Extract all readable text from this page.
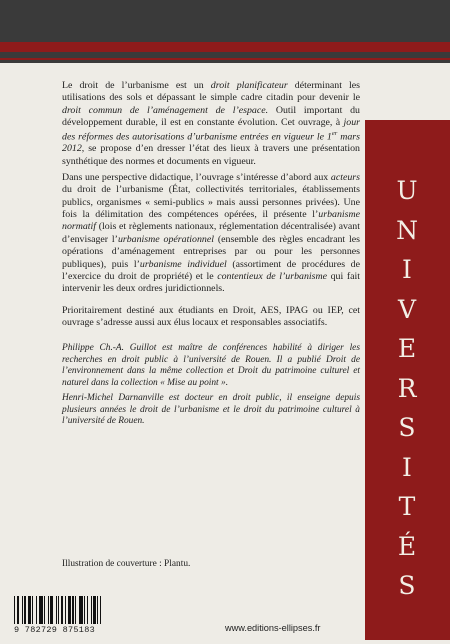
Le droit de l’urbanisme est un droit planificateur déterminant les utilisations des sols et dépassant le simple cadre citadin pour devenir le droit commun de l’aménagement de l’espace. Outil important du développement durable, il est en constante évolution. Cet ouvrage, à jour des réformes des autorisations d’urbanisme entrées en vigueur le 1er mars 2012, se propose d’en dresser l’état des lieux à travers une présentation synthétique des normes et documents en vigueur.

Dans une perspective didactique, l’ouvrage s’intéresse d’abord aux acteurs du droit de l’urbanisme (État, collectivités territoriales, établissements publics, organismes « semi-publics » mais aussi personnes privées). Une fois la délimitation des compétences opérées, il présente l’urbanisme normatif (lois et règlements nationaux, réglementation décentralisée) avant d’envisager l’urbanisme opérationnel (ensemble des règles encadrant les opérations d’aménagement entreprises par ou pour les personnes publiques), puis l’urbanisme individuel (assortiment de procédures de l’exercice du droit de propriété) et le contentieux de l’urbanisme qui fait intervenir les deux ordres juridictionnels.

Prioritairement destiné aux étudiants en Droit, AES, IPAG ou IEP, cet ouvrage s’adresse aussi aux élus locaux et responsables associatifs.

Philippe Ch.-A. Guillot est maître de conférences habilité à diriger les recherches en droit public à l’université de Rouen. Il a publié Droit de l’environnement dans la même collection et Droit du patrimoine culturel et naturel dans la collection « Mise au point ».

Henri-Michel Darnanville est docteur en droit public, il enseigne depuis plusieurs années le droit de l’urbanisme et le droit du patrimoine culturel à l’université de Rouen.

Illustration de couverture : Plantu.
U
N
I
V
E
R
S
I
T
É
S
9 782729 875183	www.editions-ellipses.fr
